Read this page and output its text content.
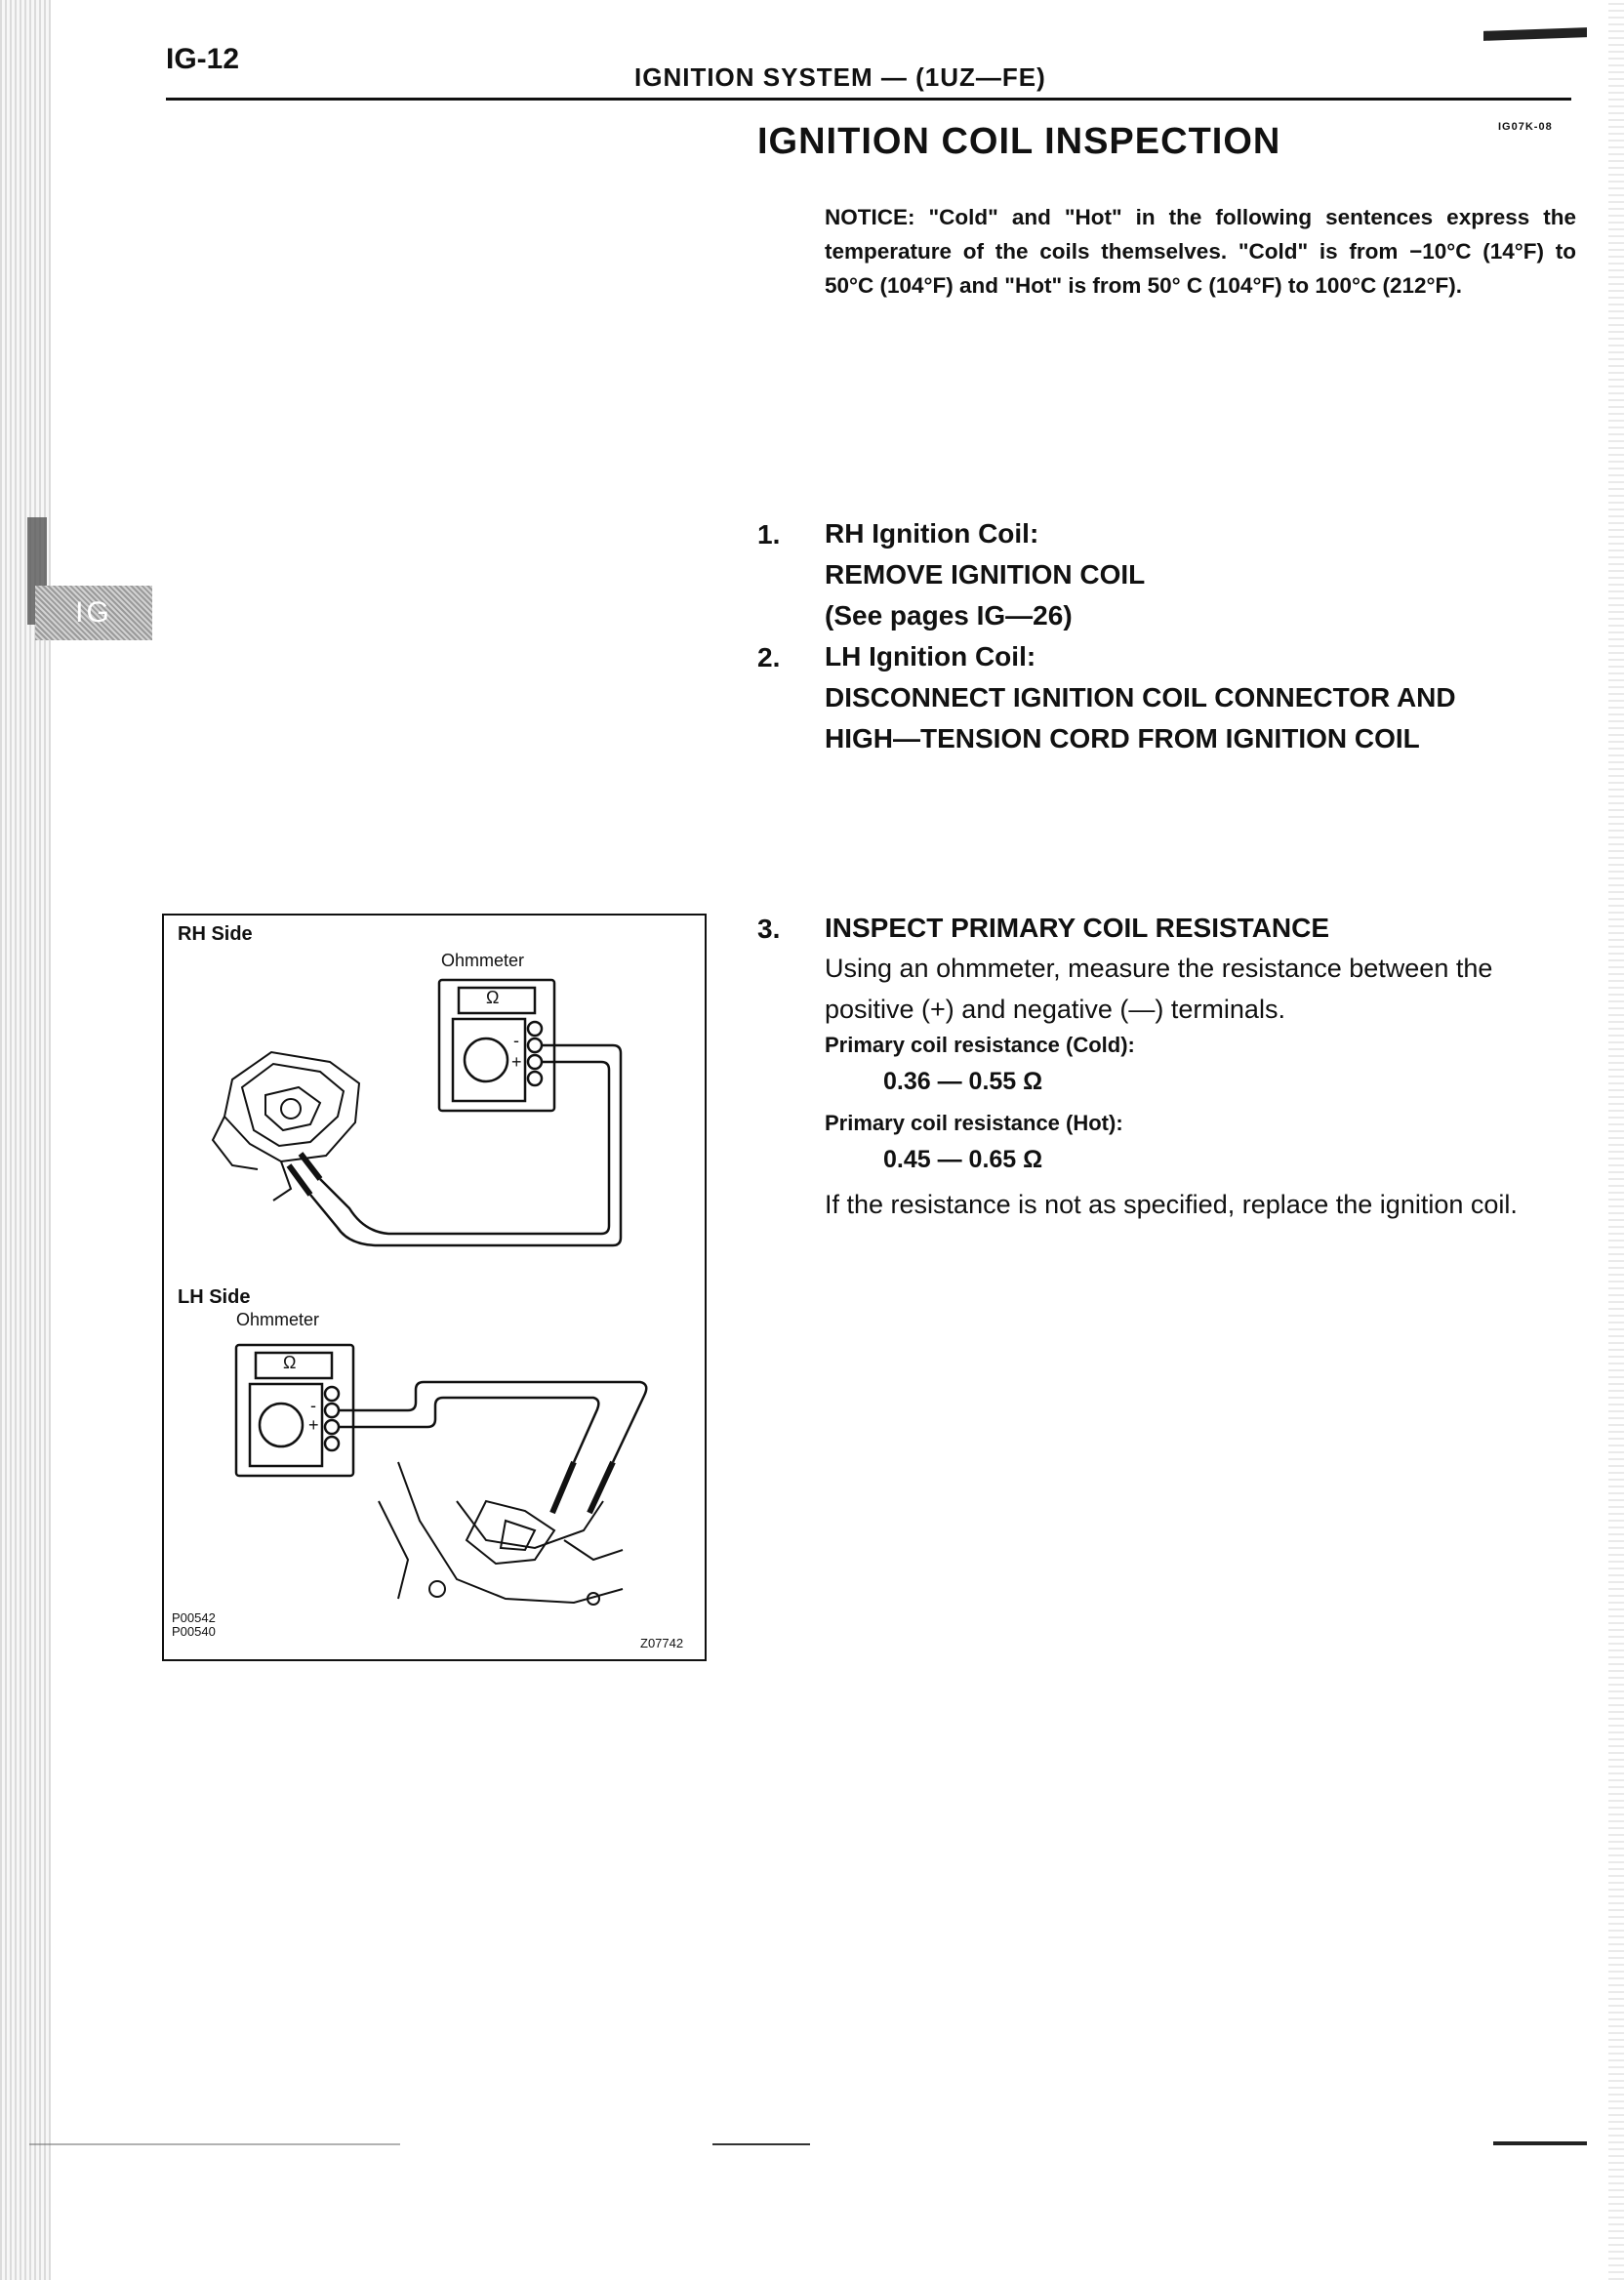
IG
IG-12
IGNITION SYSTEM — (1UZ—FE)
IG07K-08
IGNITION COIL INSPECTION
NOTICE: "Cold" and "Hot" in the following sentences express the temperature of the coils themselves. "Cold" is from −10°C (14°F) to 50°C (104°F) and "Hot" is from 50° C (104°F) to 100°C (212°F).
1. RH Ignition Coil:
REMOVE IGNITION COIL
(See pages IG—26)
2. LH Ignition Coil:
DISCONNECT IGNITION COIL CONNECTOR AND
HIGH—TENSION CORD FROM IGNITION COIL
3. INSPECT PRIMARY COIL RESISTANCE
Using an ohmmeter, measure the resistance between the positive (+) and negative (—) terminals.
Primary coil resistance (Cold):
0.36 — 0.55 Ω
Primary coil resistance (Hot):
0.45 — 0.65 Ω
If the resistance is not as specified, replace the ignition coil.
RH Side
Ohmmeter
Ω
-
+
LH Side
Ohmmeter
Ω
-
+
P00542
P00540
Z07742
